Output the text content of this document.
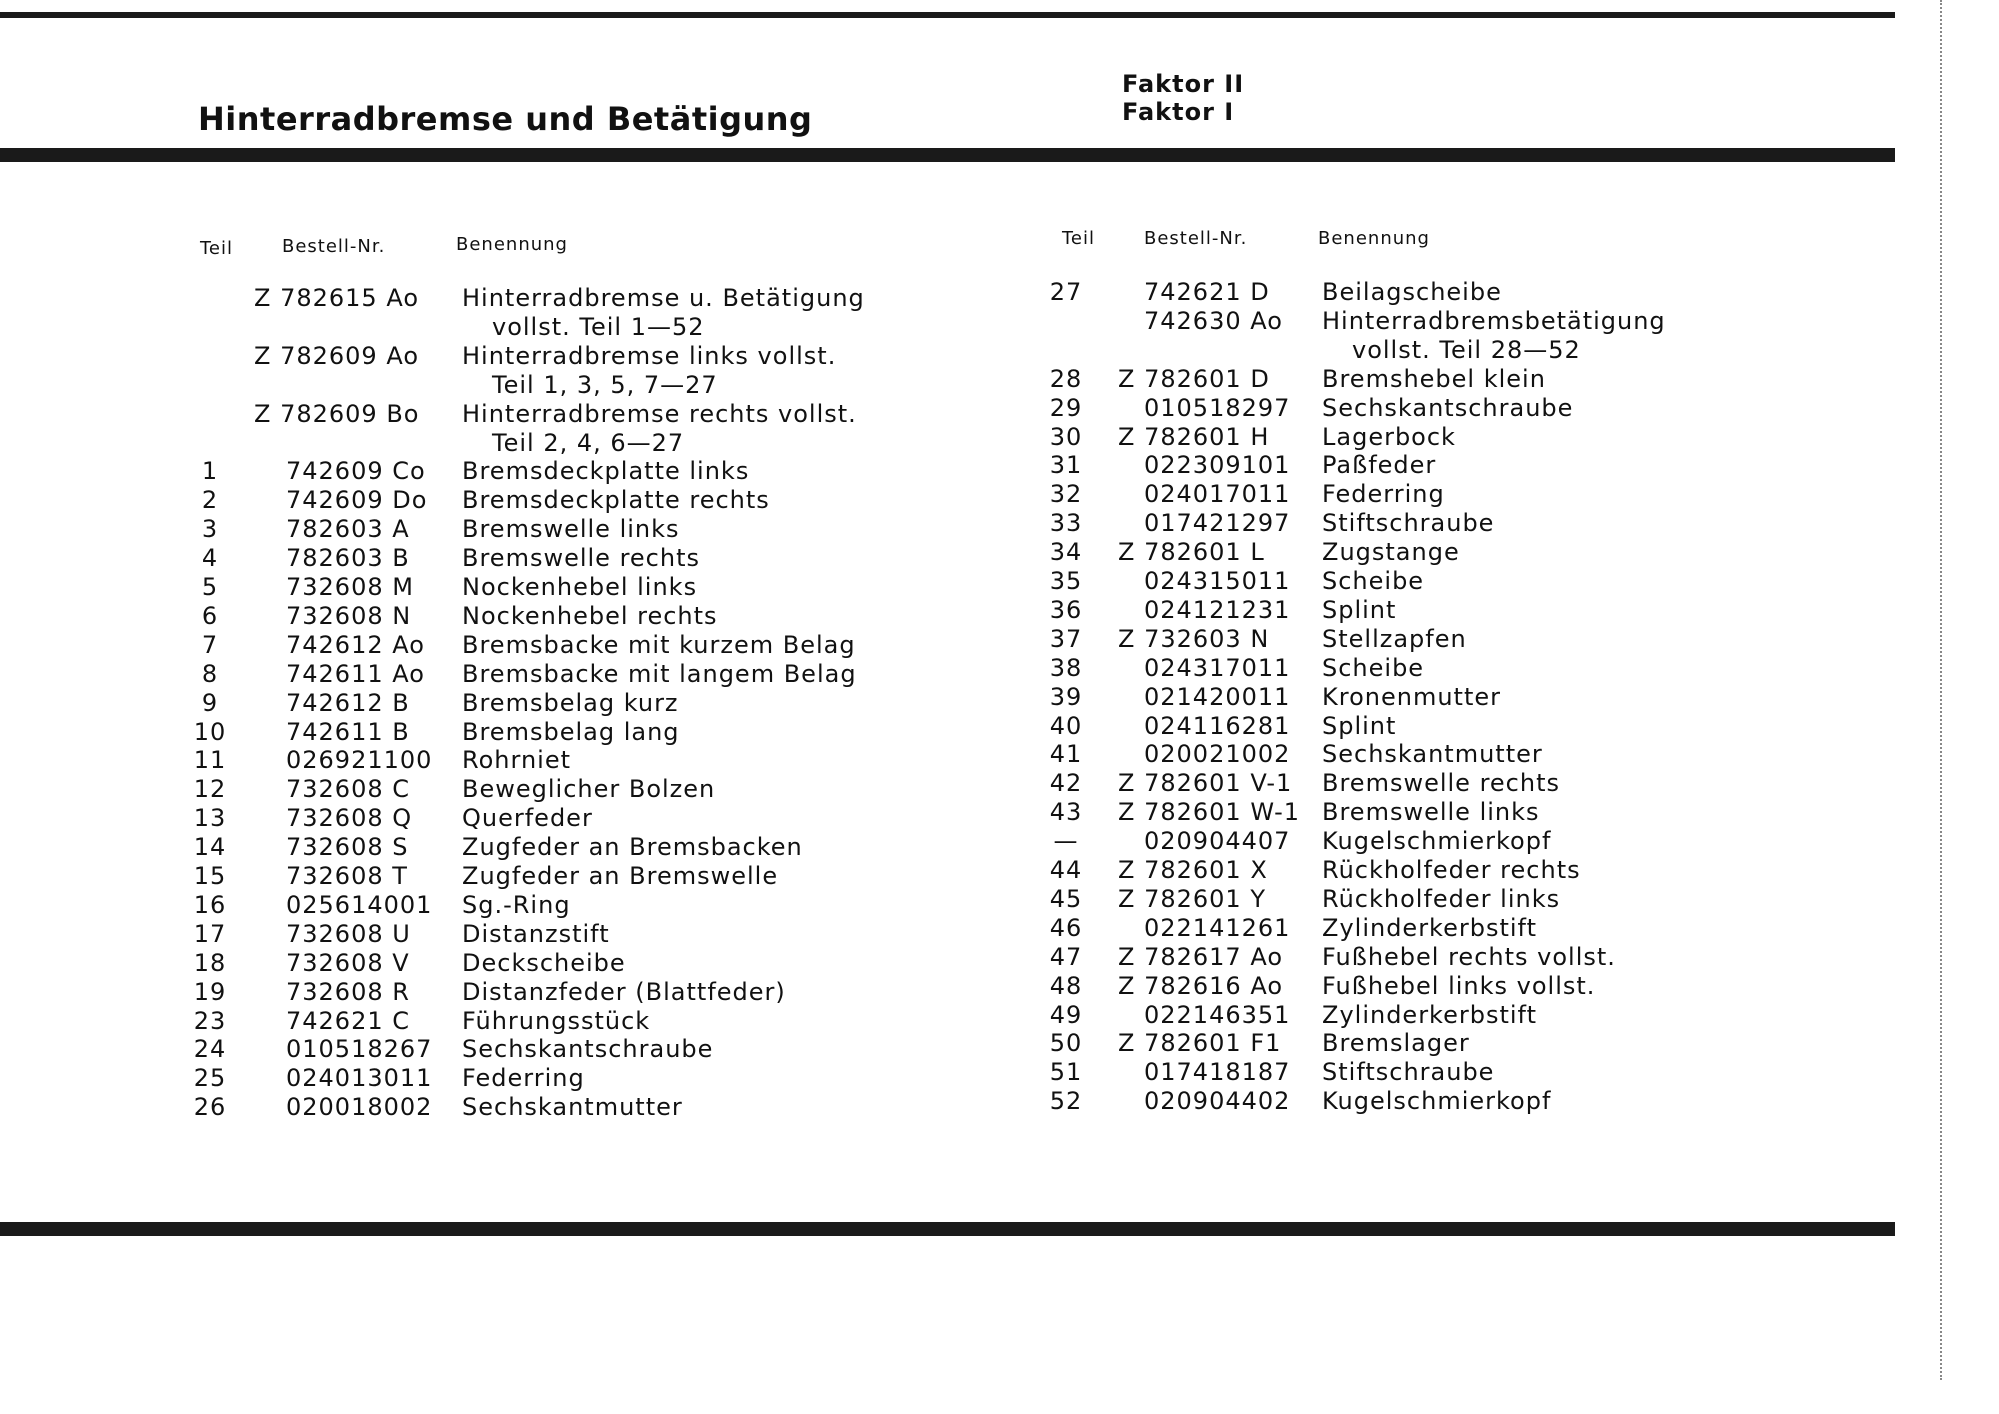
Hinterradbremse und Betätigung
Faktor II
Faktor I
Teil	Bestell-Nr.	Benennung	Teil	Bestell-Nr.	Benennung
Z 782615 Ao Hinterradbremse u. Betätigung
vollst. Teil 1—52
Z 782609 Ao Hinterradbremse links vollst.
Teil 1, 3, 5, 7—27
Z 782609 Bo Hinterradbremse rechts vollst.
Teil 2, 4, 6—27
1	742609 Co Bremsdeckplatte links
2	742609 Do Bremsdeckplatte rechts
3	782603 A Bremswelle links
4	782603 B Bremswelle rechts
5	732608 M Nockenhebel links
6	732608 N Nockenhebel rechts
7	742612 Ao Bremsbacke mit kurzem Belag
8	742611 Ao Bremsbacke mit langem Belag
9	742612 B Bremsbelag kurz
10	742611 B Bremsbelag lang
11	026921100 Rohrniet
12	732608 C Beweglicher Bolzen
13	732608 Q Querfeder
14	732608 S Zugfeder an Bremsbacken
15	732608 T Zugfeder an Bremswelle
16	025614001 Sg.-Ring
17	732608 U Distanzstift
18	732608 V Deckscheibe
19	732608 R Distanzfeder (Blattfeder)
23	742621 C Führungsstück
24	010518267 Sechskantschraube
25	024013011 Federring
26	020018002 Sechskantmutter
27	742621 D Beilagscheibe
742630 Ao Hinterradbremsbetätigung
vollst. Teil 28—52
28	Z 782601 D Bremshebel klein
29	010518297 Sechskantschraube
30	Z 782601 H Lagerbock
31	022309101 Paßfeder
32	024017011 Federring
33	017421297 Stiftschraube
34	Z 782601 L Zugstange
35	024315011 Scheibe
36	024121231 Splint
37	Z 732603 N Stellzapfen
38	024317011 Scheibe
39	021420011 Kronenmutter
40	024116281 Splint
41	020021002 Sechskantmutter
42	Z 782601 V-1 Bremswelle rechts
43	Z 782601 W-1 Bremswelle links
—	020904407 Kugelschmierkopf
44	Z 782601 X Rückholfeder rechts
45	Z 782601 Y Rückholfeder links
46	022141261 Zylinderkerbstift
47	Z 782617 Ao Fußhebel rechts vollst.
48	Z 782616 Ao Fußhebel links vollst.
49	022146351 Zylinderkerbstift
50	Z 782601 F1 Bremslager
51	017418187 Stiftschraube
52	020904402 Kugelschmierkopf
